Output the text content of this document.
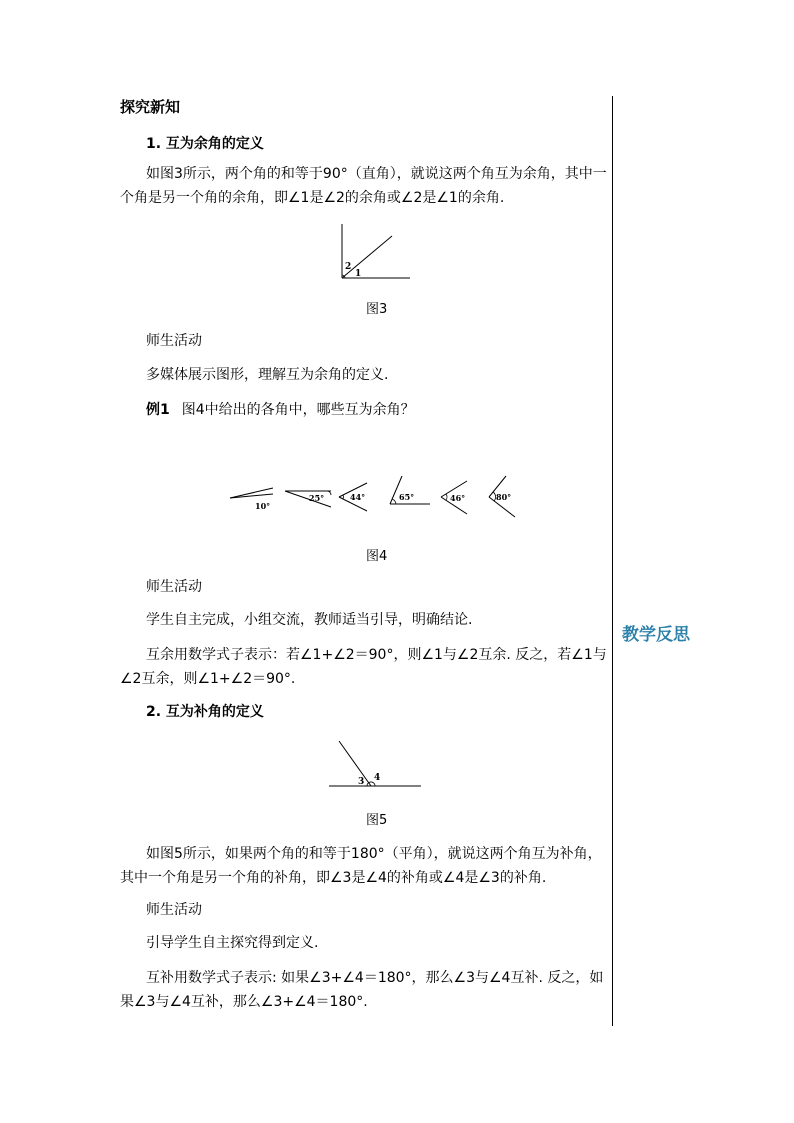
探究新知

1. 互为余角的定义

如图3所示，两个角的和等于90°（直角），就说这两个角互为余角，其中一个角是另一个角的余角，即∠1是∠2的余角或∠2是∠1的余角.

2
1

图3

师生活动

多媒体展示图形，理解互为余角的定义.

例1 图4中给出的各角中，哪些互为余角？

10°
25°	44°	65°	46°	80°

图4

师生活动

学生自主完成，小组交流，教师适当引导，明确结论.

互余用数学式子表示：若∠1+∠2＝90°，则∠1与∠2互余. 反之，若∠1与∠2互余，则∠1+∠2＝90°.

2. 互为补角的定义

3 4

图5

如图5所示，如果两个角的和等于180°（平角），就说这两个角互为补角，其中一个角是另一个角的补角，即∠3是∠4的补角或∠4是∠3的补角.

师生活动

引导学生自主探究得到定义.

互补用数学式子表示: 如果∠3+∠4＝180°，那么∠3与∠4互补. 反之，如果∠3与∠4互补，那么∠3+∠4＝180°.

教学反思
